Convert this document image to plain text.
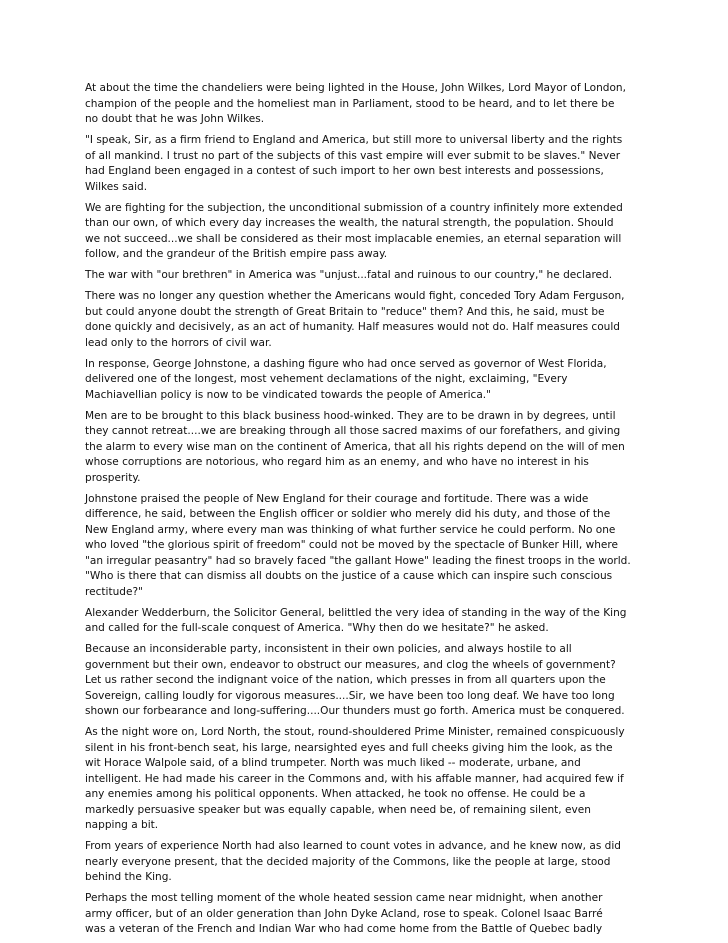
At about the time the chandeliers were being lighted in the House, John Wilkes, Lord Mayor of London,
champion of the people and the homeliest man in Parliament, stood to be heard, and to let there be
no doubt that he was John Wilkes.

"I speak, Sir, as a firm friend to England and America, but still more to universal liberty and the rights
of all mankind. I trust no part of the subjects of this vast empire will ever submit to be slaves." Never
had England been engaged in a contest of such import to her own best interests and possessions,
Wilkes said.

We are fighting for the subjection, the unconditional submission of a country infinitely more extended
than our own, of which every day increases the wealth, the natural strength, the population. Should
we not succeed...we shall be considered as their most implacable enemies, an eternal separation will
follow, and the grandeur of the British empire pass away.

The war with "our brethren" in America was "unjust...fatal and ruinous to our country," he declared.

There was no longer any question whether the Americans would fight, conceded Tory Adam Ferguson,
but could anyone doubt the strength of Great Britain to "reduce" them? And this, he said, must be
done quickly and decisively, as an act of humanity. Half measures would not do. Half measures could
lead only to the horrors of civil war.

In response, George Johnstone, a dashing figure who had once served as governor of West Florida,
delivered one of the longest, most vehement declamations of the night, exclaiming, "Every
Machiavellian policy is now to be vindicated towards the people of America."

Men are to be brought to this black business hood-winked. They are to be drawn in by degrees, until
they cannot retreat....we are breaking through all those sacred maxims of our forefathers, and giving
the alarm to every wise man on the continent of America, that all his rights depend on the will of men
whose corruptions are notorious, who regard him as an enemy, and who have no interest in his
prosperity.

Johnstone praised the people of New England for their courage and fortitude. There was a wide
difference, he said, between the English officer or soldier who merely did his duty, and those of the
New England army, where every man was thinking of what further service he could perform. No one
who loved "the glorious spirit of freedom" could not be moved by the spectacle of Bunker Hill, where
"an irregular peasantry" had so bravely faced "the gallant Howe" leading the finest troops in the world.
"Who is there that can dismiss all doubts on the justice of a cause which can inspire such conscious
rectitude?"

Alexander Wedderburn, the Solicitor General, belittled the very idea of standing in the way of the King
and called for the full-scale conquest of America. "Why then do we hesitate?" he asked.

Because an inconsiderable party, inconsistent in their own policies, and always hostile to all
government but their own, endeavor to obstruct our measures, and clog the wheels of government?
Let us rather second the indignant voice of the nation, which presses in from all quarters upon the
Sovereign, calling loudly for vigorous measures....Sir, we have been too long deaf. We have too long
shown our forbearance and long-suffering....Our thunders must go forth. America must be conquered.

As the night wore on, Lord North, the stout, round-shouldered Prime Minister, remained conspicuously
silent in his front-bench seat, his large, nearsighted eyes and full cheeks giving him the look, as the
wit Horace Walpole said, of a blind trumpeter. North was much liked -- moderate, urbane, and
intelligent. He had made his career in the Commons and, with his affable manner, had acquired few if
any enemies among his political opponents. When attacked, he took no offense. He could be a
markedly persuasive speaker but was equally capable, when need be, of remaining silent, even
napping a bit.

From years of experience North had also learned to count votes in advance, and he knew now, as did
nearly everyone present, that the decided majority of the Commons, like the people at large, stood
behind the King.

Perhaps the most telling moment of the whole heated session came near midnight, when another
army officer, but of an older generation than John Dyke Acland, rose to speak. Colonel Isaac Barré
was a veteran of the French and Indian War who had come home from the Battle of Quebec badly
